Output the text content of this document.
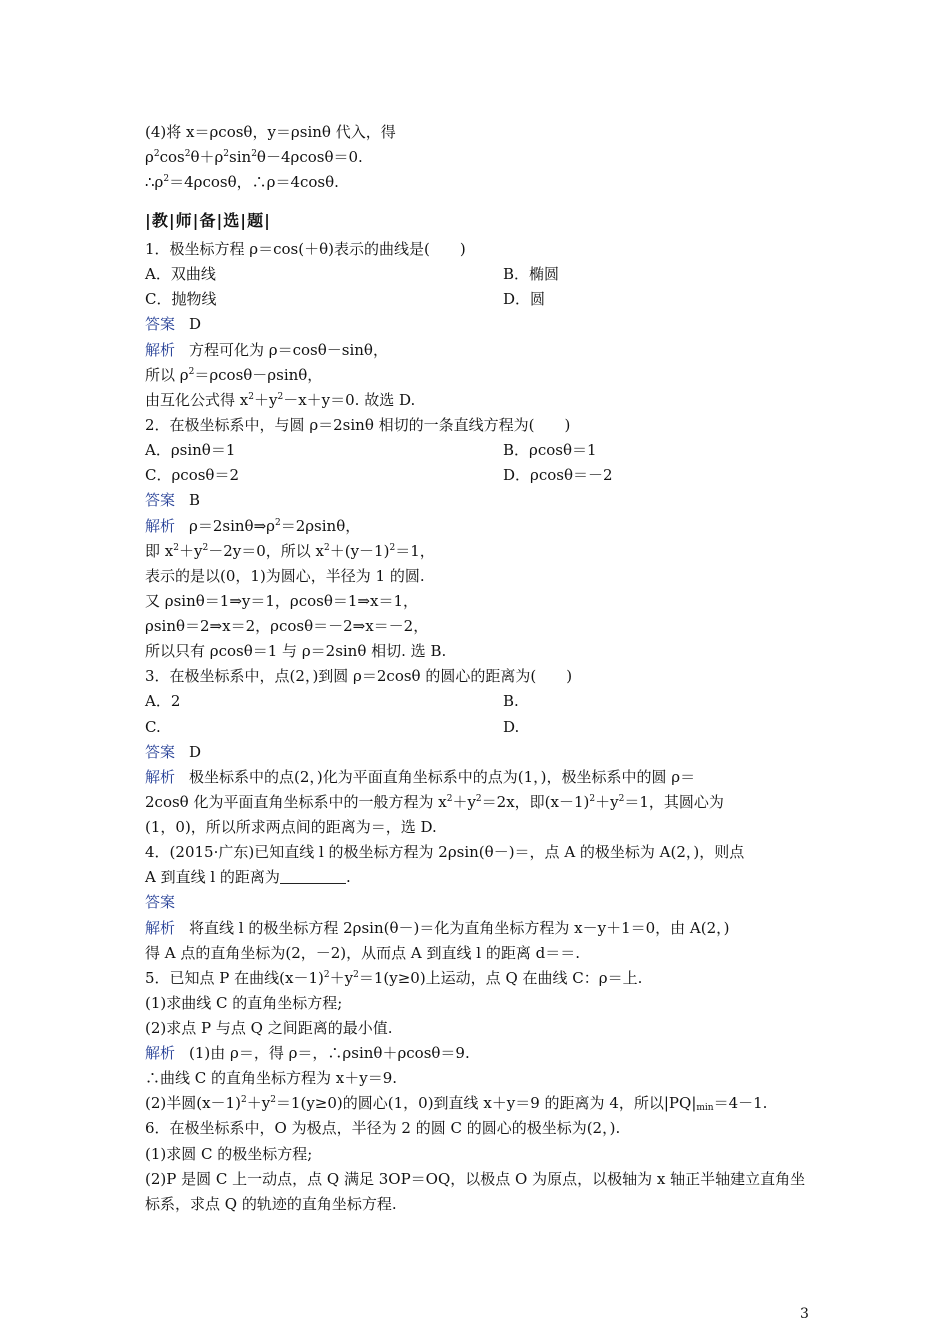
(4)将 x＝ρcosθ，y＝ρsinθ 代入，得
$\rho^2\cos^2\theta+\rho^2\sin^2\theta-4\rho\cos\theta=0$.
$\therefore\rho^2=4\rho\cos\theta$，∴ρ＝4cosθ.
|教|师|备|选|题|
1．极坐标方程 ρ＝cos(＋θ)表示的曲线是(　　)
A．双曲线	B．椭圆
C．抛物线	D．圆
答案 D
解析 方程可化为 ρ＝cosθ－sinθ，
所以 $\rho^2=\rho\cos\theta-\rho\sin\theta$，
由互化公式得 $x^2+y^2-x+y=0$. 故选 D.
2．在极坐标系中，与圆 ρ＝2sinθ 相切的一条直线方程为(　　)
A．ρsinθ＝1	B．ρcosθ＝1
C．ρcosθ＝2	D．ρcosθ＝－2
答案 B
解析 $\rho=2\sin\theta\Rightarrow\rho^2=2\rho\sin\theta$，
即 $x^2+y^2-2y=0$，所以 $x^2+(y-1)^2=1$，
表示的是以(0，1)为圆心，半径为 1 的圆.
又 ρsinθ＝1⇒y＝1，ρcosθ＝1⇒x＝1，
ρsinθ＝2⇒x＝2，ρcosθ＝－2⇒x＝－2，
所以只有 ρcosθ＝1 与 ρ＝2sinθ 相切. 选 B.
3．在极坐标系中，点(2，)到圆 ρ＝2cosθ 的圆心的距离为(　　)
A．2	B.
C.	D.
答案 D
解析 极坐标系中的点(2，)化为平面直角坐标系中的点为(1，)，极坐标系中的圆 ρ＝
2cosθ 化为平面直角坐标系中的一般方程为 $x^2+y^2=2x$，即$(x-1)^2+y^2=1$，其圆心为
(1，0)，所以所求两点间的距离为＝，选 D.
4．(2015·广东)已知直线 l 的极坐标方程为 2ρsin(θ－)＝，点 A 的极坐标为 A(2，)，则点
A 到直线 l 的距离为	.
答案
解析 将直线 l 的极坐标方程 2ρsin(θ－)＝化为直角坐标方程为 x－y＋1＝0，由 A(2，)
得 A 点的直角坐标为(2，－2)，从而点 A 到直线 l 的距离 d＝＝.
5．已知点 P 在曲线$(x-1)^2+y^2=1(y\ge 0)$上运动，点 Q 在曲线 C：ρ＝上.
(1)求曲线 C 的直角坐标方程;
(2)求点 P 与点 Q 之间距离的最小值.
解析 (1)由 ρ＝，得 ρ＝，∴ρsinθ＋ρcosθ＝9.
∴曲线 C 的直角坐标方程为 x＋y＝9.
(2)半圆$(x-1)^2+y^2=1(y\ge 0)$的圆心(1，0)到直线 x＋y＝9 的距离为 4，所以$|PQ|_{min}=4-1$.
6．在极坐标系中，O 为极点，半径为 2 的圆 C 的圆心的极坐标为(2，).
(1)求圆 C 的极坐标方程;
(2)P 是圆 C 上一动点，点 Q 满足 3OP＝OQ，以极点 O 为原点，以极轴为 x 轴正半轴建立直角坐
标系，求点 Q 的轨迹的直角坐标方程.
3
